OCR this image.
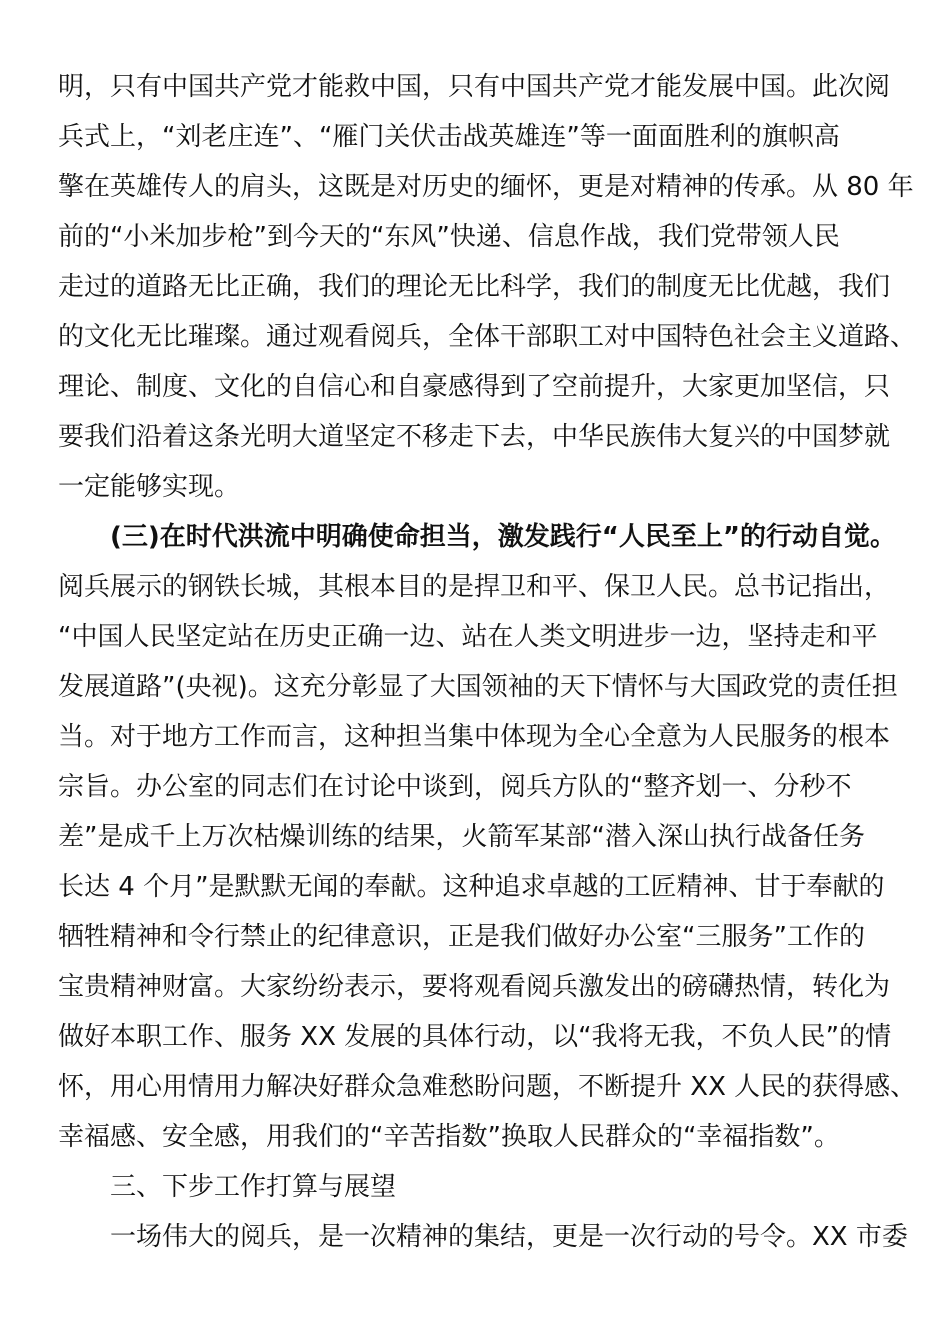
明，只有中国共产党才能救中国，只有中国共产党才能发展中国。此次阅
兵式上，“刘老庄连”、“雁门关伏击战英雄连”等一面面胜利的旗帜高
擎在英雄传人的肩头，这既是对历史的缅怀，更是对精神的传承。从 80 年
前的“小米加步枪”到今天的“东风”快递、信息作战，我们党带领人民
走过的道路无比正确，我们的理论无比科学，我们的制度无比优越，我们
的文化无比璀璨。通过观看阅兵，全体干部职工对中国特色社会主义道路、
理论、制度、文化的自信心和自豪感得到了空前提升，大家更加坚信，只
要我们沿着这条光明大道坚定不移走下去，中华民族伟大复兴的中国梦就
一定能够实现。
(三)在时代洪流中明确使命担当，激发践行“人民至上”的行动自觉。
阅兵展示的钢铁长城，其根本目的是捍卫和平、保卫人民。总书记指出，
“中国人民坚定站在历史正确一边、站在人类文明进步一边，坚持走和平
发展道路”(央视)。这充分彰显了大国领袖的天下情怀与大国政党的责任担
当。对于地方工作而言，这种担当集中体现为全心全意为人民服务的根本
宗旨。办公室的同志们在讨论中谈到，阅兵方队的“整齐划一、分秒不
差”是成千上万次枯燥训练的结果，火箭军某部“潜入深山执行战备任务
长达 4 个月”是默默无闻的奉献。这种追求卓越的工匠精神、甘于奉献的
牺牲精神和令行禁止的纪律意识，正是我们做好办公室“三服务”工作的
宝贵精神财富。大家纷纷表示，要将观看阅兵激发出的磅礴热情，转化为
做好本职工作、服务 XX 发展的具体行动，以“我将无我，不负人民”的情
怀，用心用情用力解决好群众急难愁盼问题，不断提升 XX 人民的获得感、
幸福感、安全感，用我们的“辛苦指数”换取人民群众的“幸福指数”。
三、下步工作打算与展望
一场伟大的阅兵，是一次精神的集结，更是一次行动的号令。XX 市委
